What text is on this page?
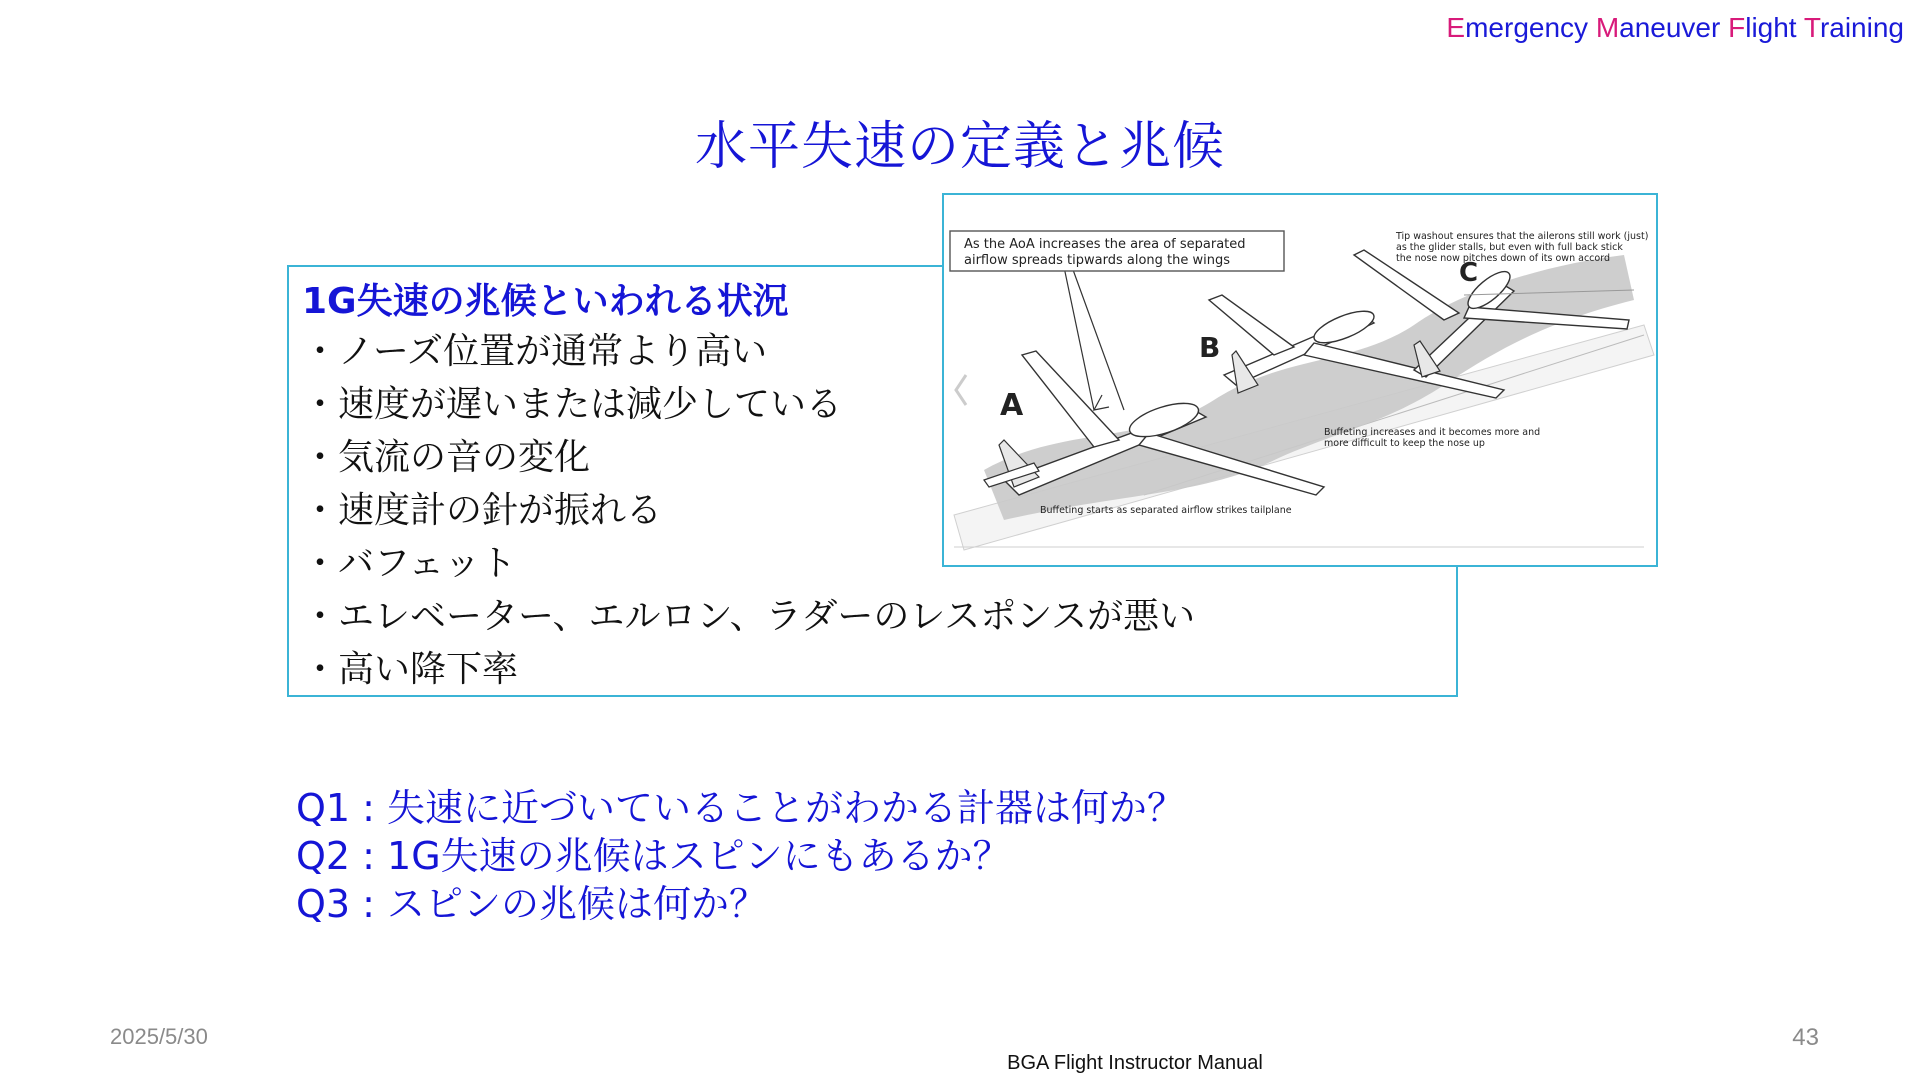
Emergency Maneuver Flight Training
水平失速の定義と兆候
1G失速の兆候といわれる状況
・ノーズ位置が通常より高い
・速度が遅いまたは減少している
・気流の音の変化
・速度計の針が振れる
・バフェット
・エレベーター、エルロン、ラダーのレスポンスが悪い
・高い降下率
As the AoA increases the area of separated
airflow spreads tipwards along the wings
Tip washout ensures that the ailerons still work (just)
as the glider stalls, but even with full back stick
the nose now pitches down of its own accord
Buffeting increases and it becomes more and
more difficult to keep the nose up
Buffeting starts as separated airflow strikes tailplane
A
B
C
Q1 : 失速に近づいていることがわかる計器は何か？
Q2 : 1G失速の兆候はスピンにもあるか？
Q3 : スピンの兆候は何か？
2025/5/30	43
BGA Flight Instructor Manual
